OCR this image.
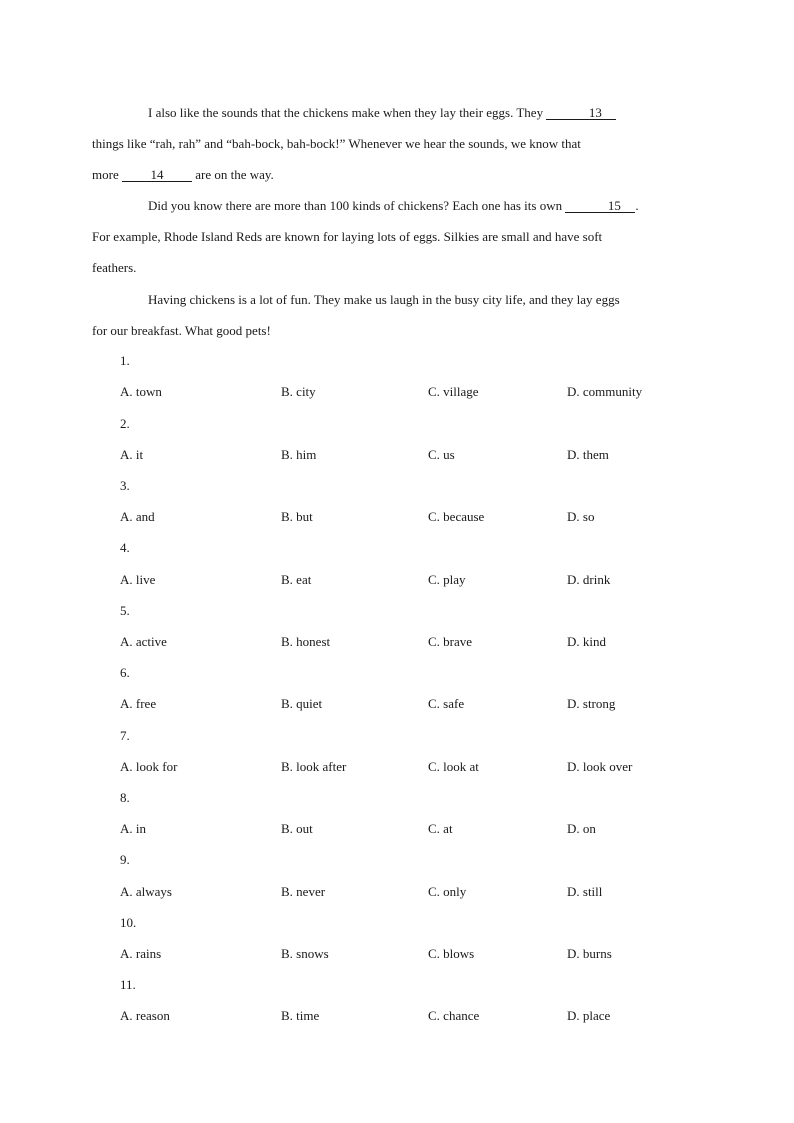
I also like the sounds that the chickens make when they lay their eggs. They	13
things like “rah, rah” and “bah-bock, bah-bock!” Whenever we hear the sounds, we know that
more 14 are on the way.

Did you know there are more than 100 kinds of chickens? Each one has its own	15 .
For example, Rhode Island Reds are known for laying lots of eggs. Silkies are small and have soft
feathers.

Having chickens is a lot of fun. They make us laugh in the busy city life, and they lay eggs
for our breakfast. What good pets!

1.

A. town	B. city	C. village	D. community

2.

A. it	B. him	C. us	D. them

3.

A. and	B. but	C. because	D. so

4.

A. live	B. eat	C. play	D. drink

5.

A. active	B. honest	C. brave	D. kind

6.

A. free	B. quiet	C. safe	D. strong

7.

A. look for	B. look after	C. look at	D. look over

8.

A. in	B. out	C. at	D. on

9.

A. always	B. never	C. only	D. still

10.

A. rains	B. snows	C. blows	D. burns

11.

A. reason	B. time	C. chance	D. place
